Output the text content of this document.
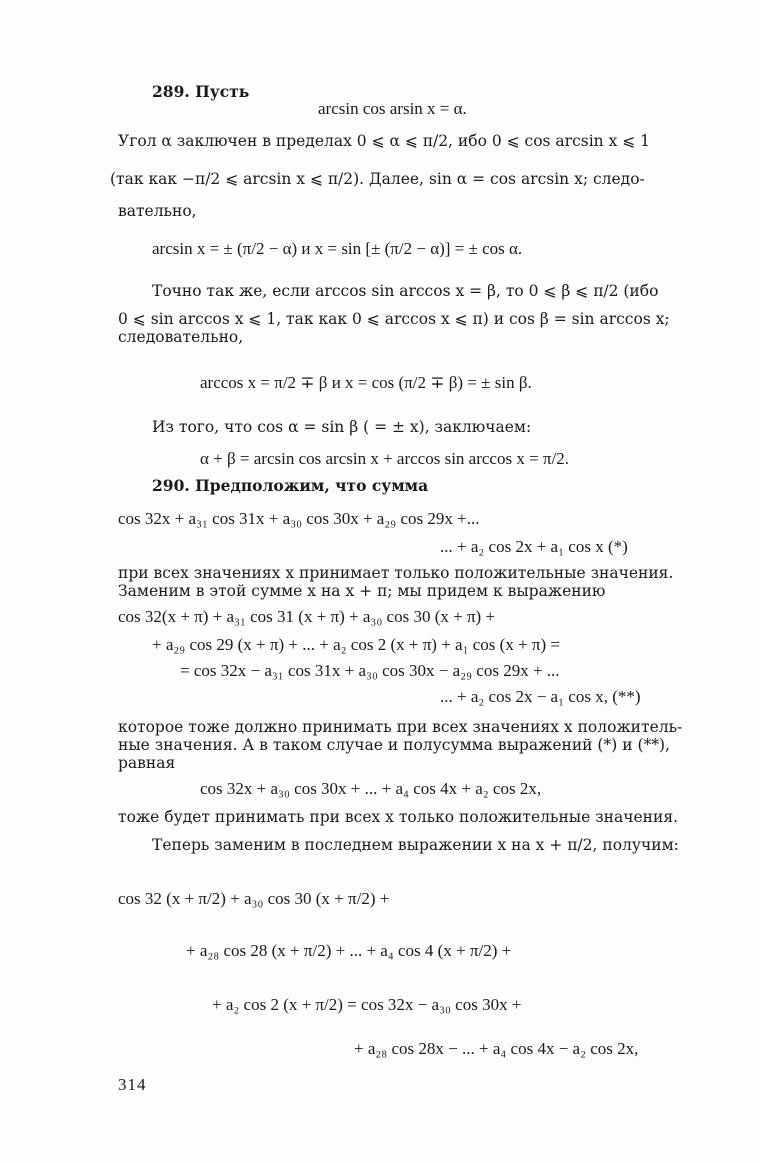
289. Пусть
arcsin cos arsin x = α.
Угол α заключен в пределах 0 ⩽ α ⩽ π/2, ибо 0 ⩽ cos arcsin x ⩽ 1
(так как −π/2 ⩽ arcsin x ⩽ π/2). Далее, sin α = cos arcsin x; следо-
вательно,
arcsin x = ± (π/2 − α) и x = sin [± (π/2 − α)] = ± cos α.
Точно так же, если arccos sin arccos x = β, то 0 ⩽ β ⩽ π/2 (ибо
0 ⩽ sin arccos x ⩽ 1, так как 0 ⩽ arccos x ⩽ π) и cos β = sin arccos x;
следовательно,
arccos x = π/2 ∓ β и x = cos (π/2 ∓ β) = ± sin β.
Из того, что cos α = sin β ( = ± x), заключаем:
α + β = arcsin cos arcsin x + arccos sin arccos x = π/2.
290. Предположим, что сумма
cos 32x + a₃₁ cos 31x + a₃₀ cos 30x + a₂₉ cos 29x +...
... + a₂ cos 2x + a₁ cos x (*)
при всех значениях x принимает только положительные значения.
Заменим в этой сумме x на x + π; мы придем к выражению
cos 32(x + π) + a₃₁ cos 31 (x + π) + a₃₀ cos 30 (x + π) +
+ a₂₉ cos 29 (x + π) + ... + a₂ cos 2 (x + π) + a₁ cos (x + π) =
= cos 32x − a₃₁ cos 31x + a₃₀ cos 30x − a₂₉ cos 29x + ...
... + a₂ cos 2x − a₁ cos x, (**)
которое тоже должно принимать при всех значениях x положитель-
ные значения. А в таком случае и полусумма выражений (*) и (**),
равная
cos 32x + a₃₀ cos 30x + ... + a₄ cos 4x + a₂ cos 2x,
тоже будет принимать при всех x только положительные значения.
Теперь заменим в последнем выражении x на x + π/2, получим:
cos 32 (x + π/2) + a₃₀ cos 30 (x + π/2) +
+ a₂₈ cos 28 (x + π/2) + ... + a₄ cos 4 (x + π/2) +
+ a₂ cos 2 (x + π/2) = cos 32x − a₃₀ cos 30x +
+ a₂₈ cos 28x − ... + a₄ cos 4x − a₂ cos 2x,
314
